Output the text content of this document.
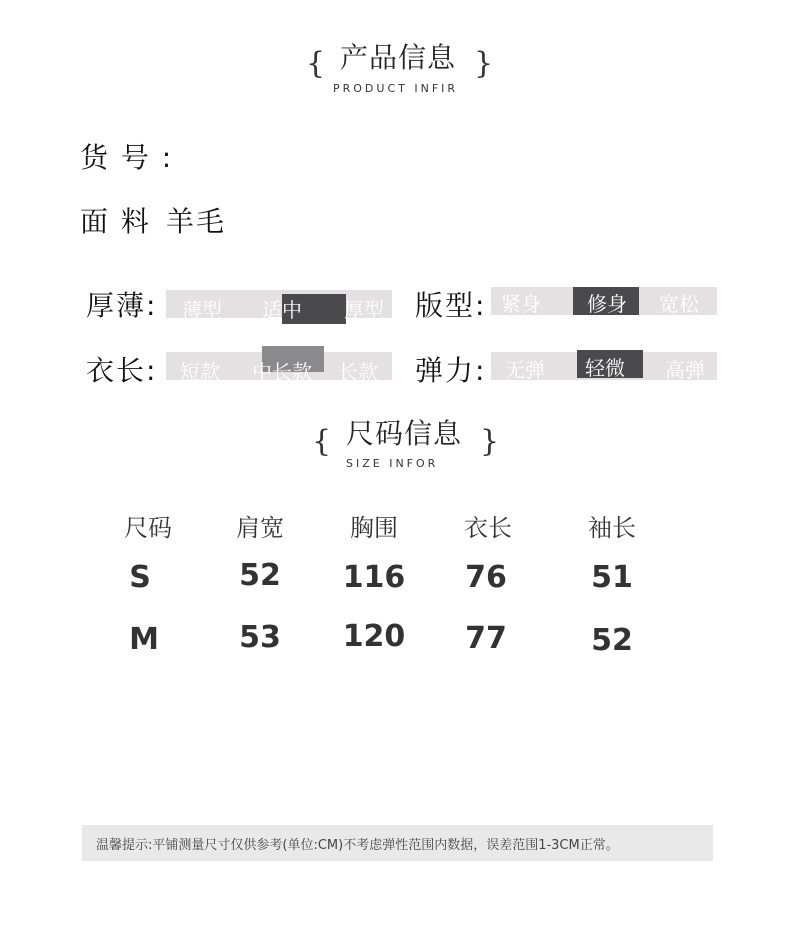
{	}
产品信息
PRODUCT INFIR
货 号 :
面 料 羊毛
厚薄: 薄型 适中 厚型 版型: 紧身 修身 宽松
衣长: 短款 中长款 长款 弹力: 无弹 轻微 高弹
{	}
尺码信息
SIZE INFOR
尺码	肩宽	胸围	衣长	袖长
S	52	116	76	51
M	53	120	77	52
温馨提示:平铺测量尺寸仅供参考(单位:CM)不考虑弹性范围内数据，误差范围1-3CM正常。
